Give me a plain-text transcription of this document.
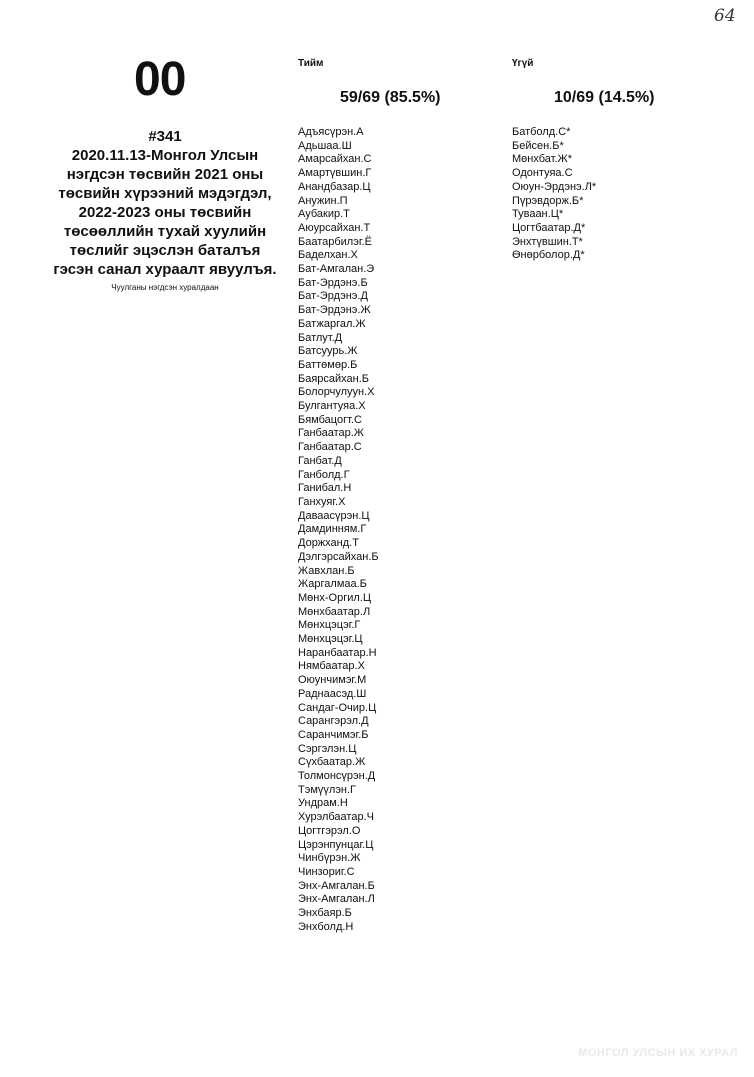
64
00
#341
2020.11.13-Монгол Улсын нэгдсэн төсвийн 2021 оны төсвийн хүрээний мэдэгдэл, 2022-2023 оны төсвийн төсөөллийн тухай хуулийн төслийг эцэслэн баталъя гэсэн санал хураалт явуулъя.
Чуулганы нэгдсэн хуралдаан
Тийм
59/69 (85.5%)
Адъясүрэн.А
Адьшаа.Ш
Амарсайхан.С
Амартүвшин.Г
Анандбазар.Ц
Анужин.П
Аубакир.Т
Аюурсайхан.Т
Баатарбилэг.Ё
Баделхан.Х
Бат-Амгалан.Э
Бат-Эрдэнэ.Б
Бат-Эрдэнэ.Д
Бат-Эрдэнэ.Ж
Батжаргал.Ж
Батлут.Д
Батсуурь.Ж
Баттөмөр.Б
Баярсайхан.Б
Болорчулуун.Х
Булгантуяа.Х
Бямбацогт.С
Ганбаатар.Ж
Ганбаатар.С
Ганбат.Д
Ганболд.Г
Ганибал.Н
Ганхуяг.Х
Даваасүрэн.Ц
Дамдинням.Г
Доржханд.Т
Дэлгэрсайхан.Б
Жавхлан.Б
Жаргалмаа.Б
Мөнх-Оргил.Ц
Мөнхбаатар.Л
Мөнхцэцэг.Г
Мөнхцэцэг.Ц
Наранбаатар.Н
Нямбаатар.Х
Оюунчимэг.М
Раднаасэд.Ш
Сандаг-Очир.Ц
Сарангэрэл.Д
Саранчимэг.Б
Сэргэлэн.Ц
Сүхбаатар.Ж
Толмонсүрэн.Д
Тэмүүлэн.Г
Ундрам.Н
Хурэлбаатар.Ч
Цогтгэрэл.О
Цэрэнпунцаг.Ц
Чинбүрэн.Ж
Чинзориг.С
Энх-Амгалан.Б
Энх-Амгалан.Л
Энхбаяр.Б
Энхболд.Н
Үгүй
10/69 (14.5%)
Батболд.С*
Бейсен.Б*
Мөнхбат.Ж*
Одонтуяа.С
Оюун-Эрдэнэ.Л*
Пүрэвдорж.Б*
Туваан.Ц*
Цогтбаатар.Д*
Энхтүвшин.Т*
Өнөрболор.Д*
МОНГОЛ УЛСЫН ИХ ХУРАЛ
